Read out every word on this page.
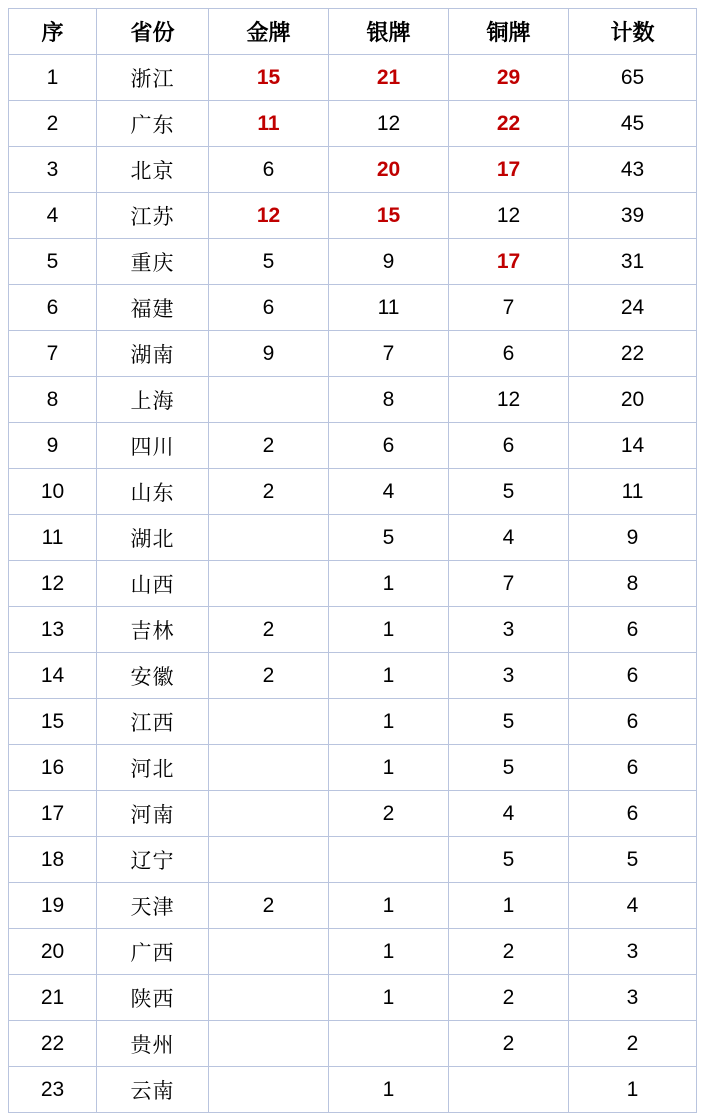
序	省份	金牌	银牌	铜牌	计数
1	浙江	15	21	29	65
2	广东	11	12	22	45
3	北京	6	20	17	43
4	江苏	12	15	12	39
5	重庆	5	9	17	31
6	福建	6	11	7	24
7	湖南	9	7	6	22
8	上海		8	12	20
9	四川	2	6	6	14
10	山东	2	4	5	11
11	湖北		5	4	9
12	山西		1	7	8
13	吉林	2	1	3	6
14	安徽	2	1	3	6
15	江西		1	5	6
16	河北		1	5	6
17	河南		2	4	6
18	辽宁			5	5
19	天津	2	1	1	4
20	广西		1	2	3
21	陕西		1	2	3
22	贵州			2	2
23	云南		1		1
